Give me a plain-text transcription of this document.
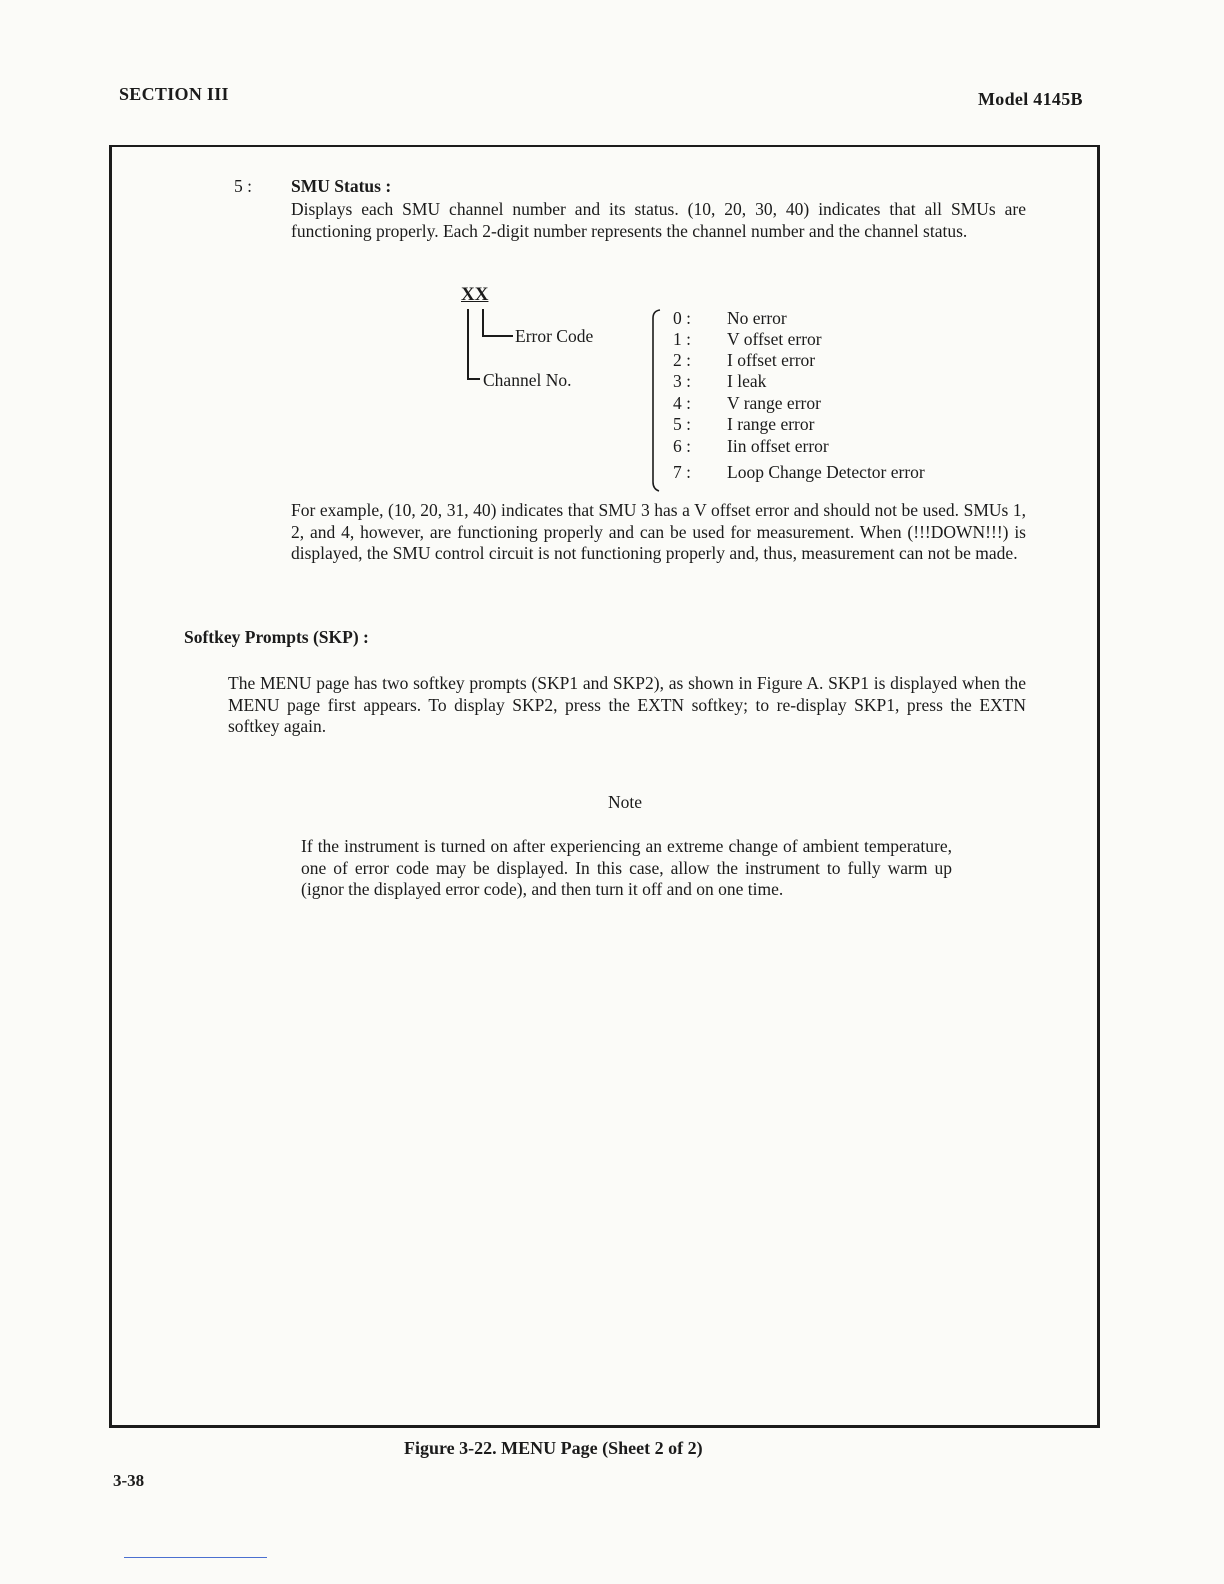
SECTION III	Model 4145B
5 : SMU Status :
Displays each SMU channel number and its status. (10, 20, 30, 40) indicates that all SMUs are functioning properly. Each 2-digit number represents the channel number and the channel status.
XX
Error Code
Channel No.
0 : No error
1 : V offset error
2 : I offset error
3 : I leak
4 : V range error
5 : I range error
6 : Iin offset error
7 : Loop Change Detector error
For example, (10, 20, 31, 40) indicates that SMU 3 has a V offset error and should not be used. SMUs 1, 2, and 4, however, are functioning properly and can be used for measurement. When (!!!DOWN!!!) is displayed, the SMU control circuit is not functioning properly and, thus, measurement can not be made.
Softkey Prompts (SKP) :
The MENU page has two softkey prompts (SKP1 and SKP2), as shown in Figure A. SKP1 is displayed when the MENU page first appears. To display SKP2, press the EXTN softkey; to re-display SKP1, press the EXTN softkey again.
Note
If the instrument is turned on after experiencing an extreme change of ambient temperature, one of error code may be displayed. In this case, allow the instrument to fully warm up (ignor the displayed error code), and then turn it off and on one time.
Figure 3-22. MENU Page (Sheet 2 of 2)
3-38
